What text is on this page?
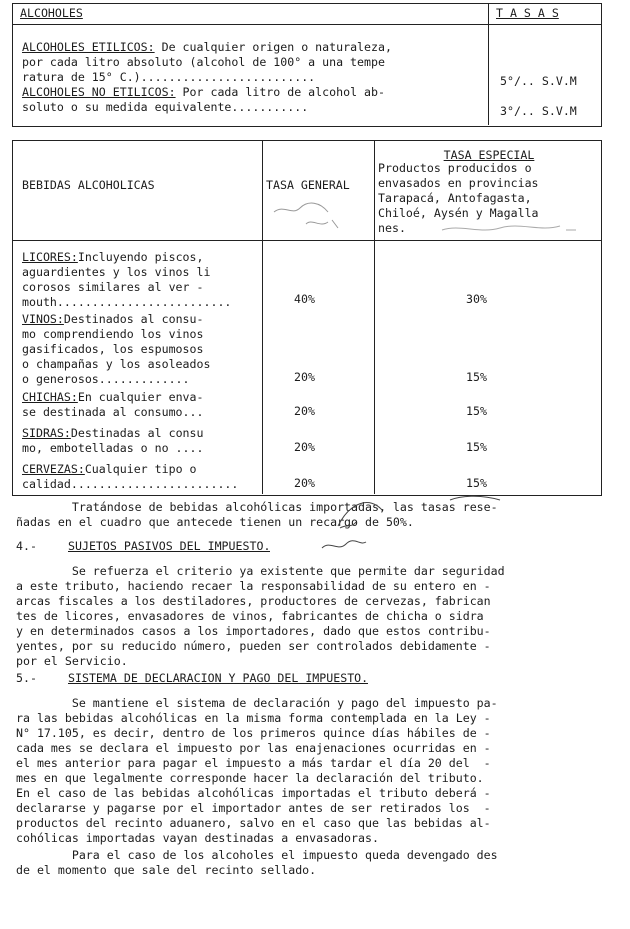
ALCOHOLES	T A S A S
ALCOHOLES ETILICOS: De cualquier origen o naturaleza,
por cada litro absoluto (alcohol de 100° a una tempe
ratura de 15° C.).........................	5°/.. S.V.M
ALCOHOLES NO ETILICOS: Por cada litro de alcohol ab-
soluto o su medida equivalente...........	3°/.. S.V.M
BEBIDAS ALCOHOLICAS	TASA GENERAL
TASA ESPECIAL
Productos producidos o
envasados en provincias
Tarapacá, Antofagasta,
Chiloé, Aysén y Magalla
nes.
LICORES:Incluyendo piscos,
aguardientes y los vinos li
corosos similares al ver -
mouth.........................	40%	30%
VINOS:Destinados al consu-
mo comprendiendo los vinos
gasificados, los espumosos
o champañas y los asoleados
o generosos.............	20%	15%
CHICHAS:En cualquier enva-
se destinada al consumo...	20%	15%
SIDRAS:Destinadas al consu
mo, embotelladas o no ....	20%	15%
CERVEZAS:Cualquier tipo o
calidad........................	20%	15%
Tratándose de bebidas alcohólicas importadas, las tasas rese-
ñadas en el cuadro que antecede tienen un recargo de 50%.
4.-	SUJETOS PASIVOS DEL IMPUESTO.
Se refuerza el criterio ya existente que permite dar seguridad
a este tributo, haciendo recaer la responsabilidad de su entero en -
arcas fiscales a los destiladores, productores de cervezas, fabrican
tes de licores, envasadores de vinos, fabricantes de chicha o sidra
y en determinados casos a los importadores, dado que estos contribu-
yentes, por su reducido número, pueden ser controlados debidamente -
por el Servicio.
5.-	SISTEMA DE DECLARACION Y PAGO DEL IMPUESTO.
Se mantiene el sistema de declaración y pago del impuesto pa-
ra las bebidas alcohólicas en la misma forma contemplada en la Ley -
N° 17.105, es decir, dentro de los primeros quince días hábiles de -
cada mes se declara el impuesto por las enajenaciones ocurridas en -
el mes anterior para pagar el impuesto a más tardar el día 20 del  -
mes en que legalmente corresponde hacer la declaración del tributo.
En el caso de las bebidas alcohólicas importadas el tributo deberá -
declararse y pagarse por el importador antes de ser retirados los  -
productos del recinto aduanero, salvo en el caso que las bebidas al-
cohólicas importadas vayan destinadas a envasadoras.
Para el caso de los alcoholes el impuesto queda devengado des
de el momento que sale del recinto sellado.
